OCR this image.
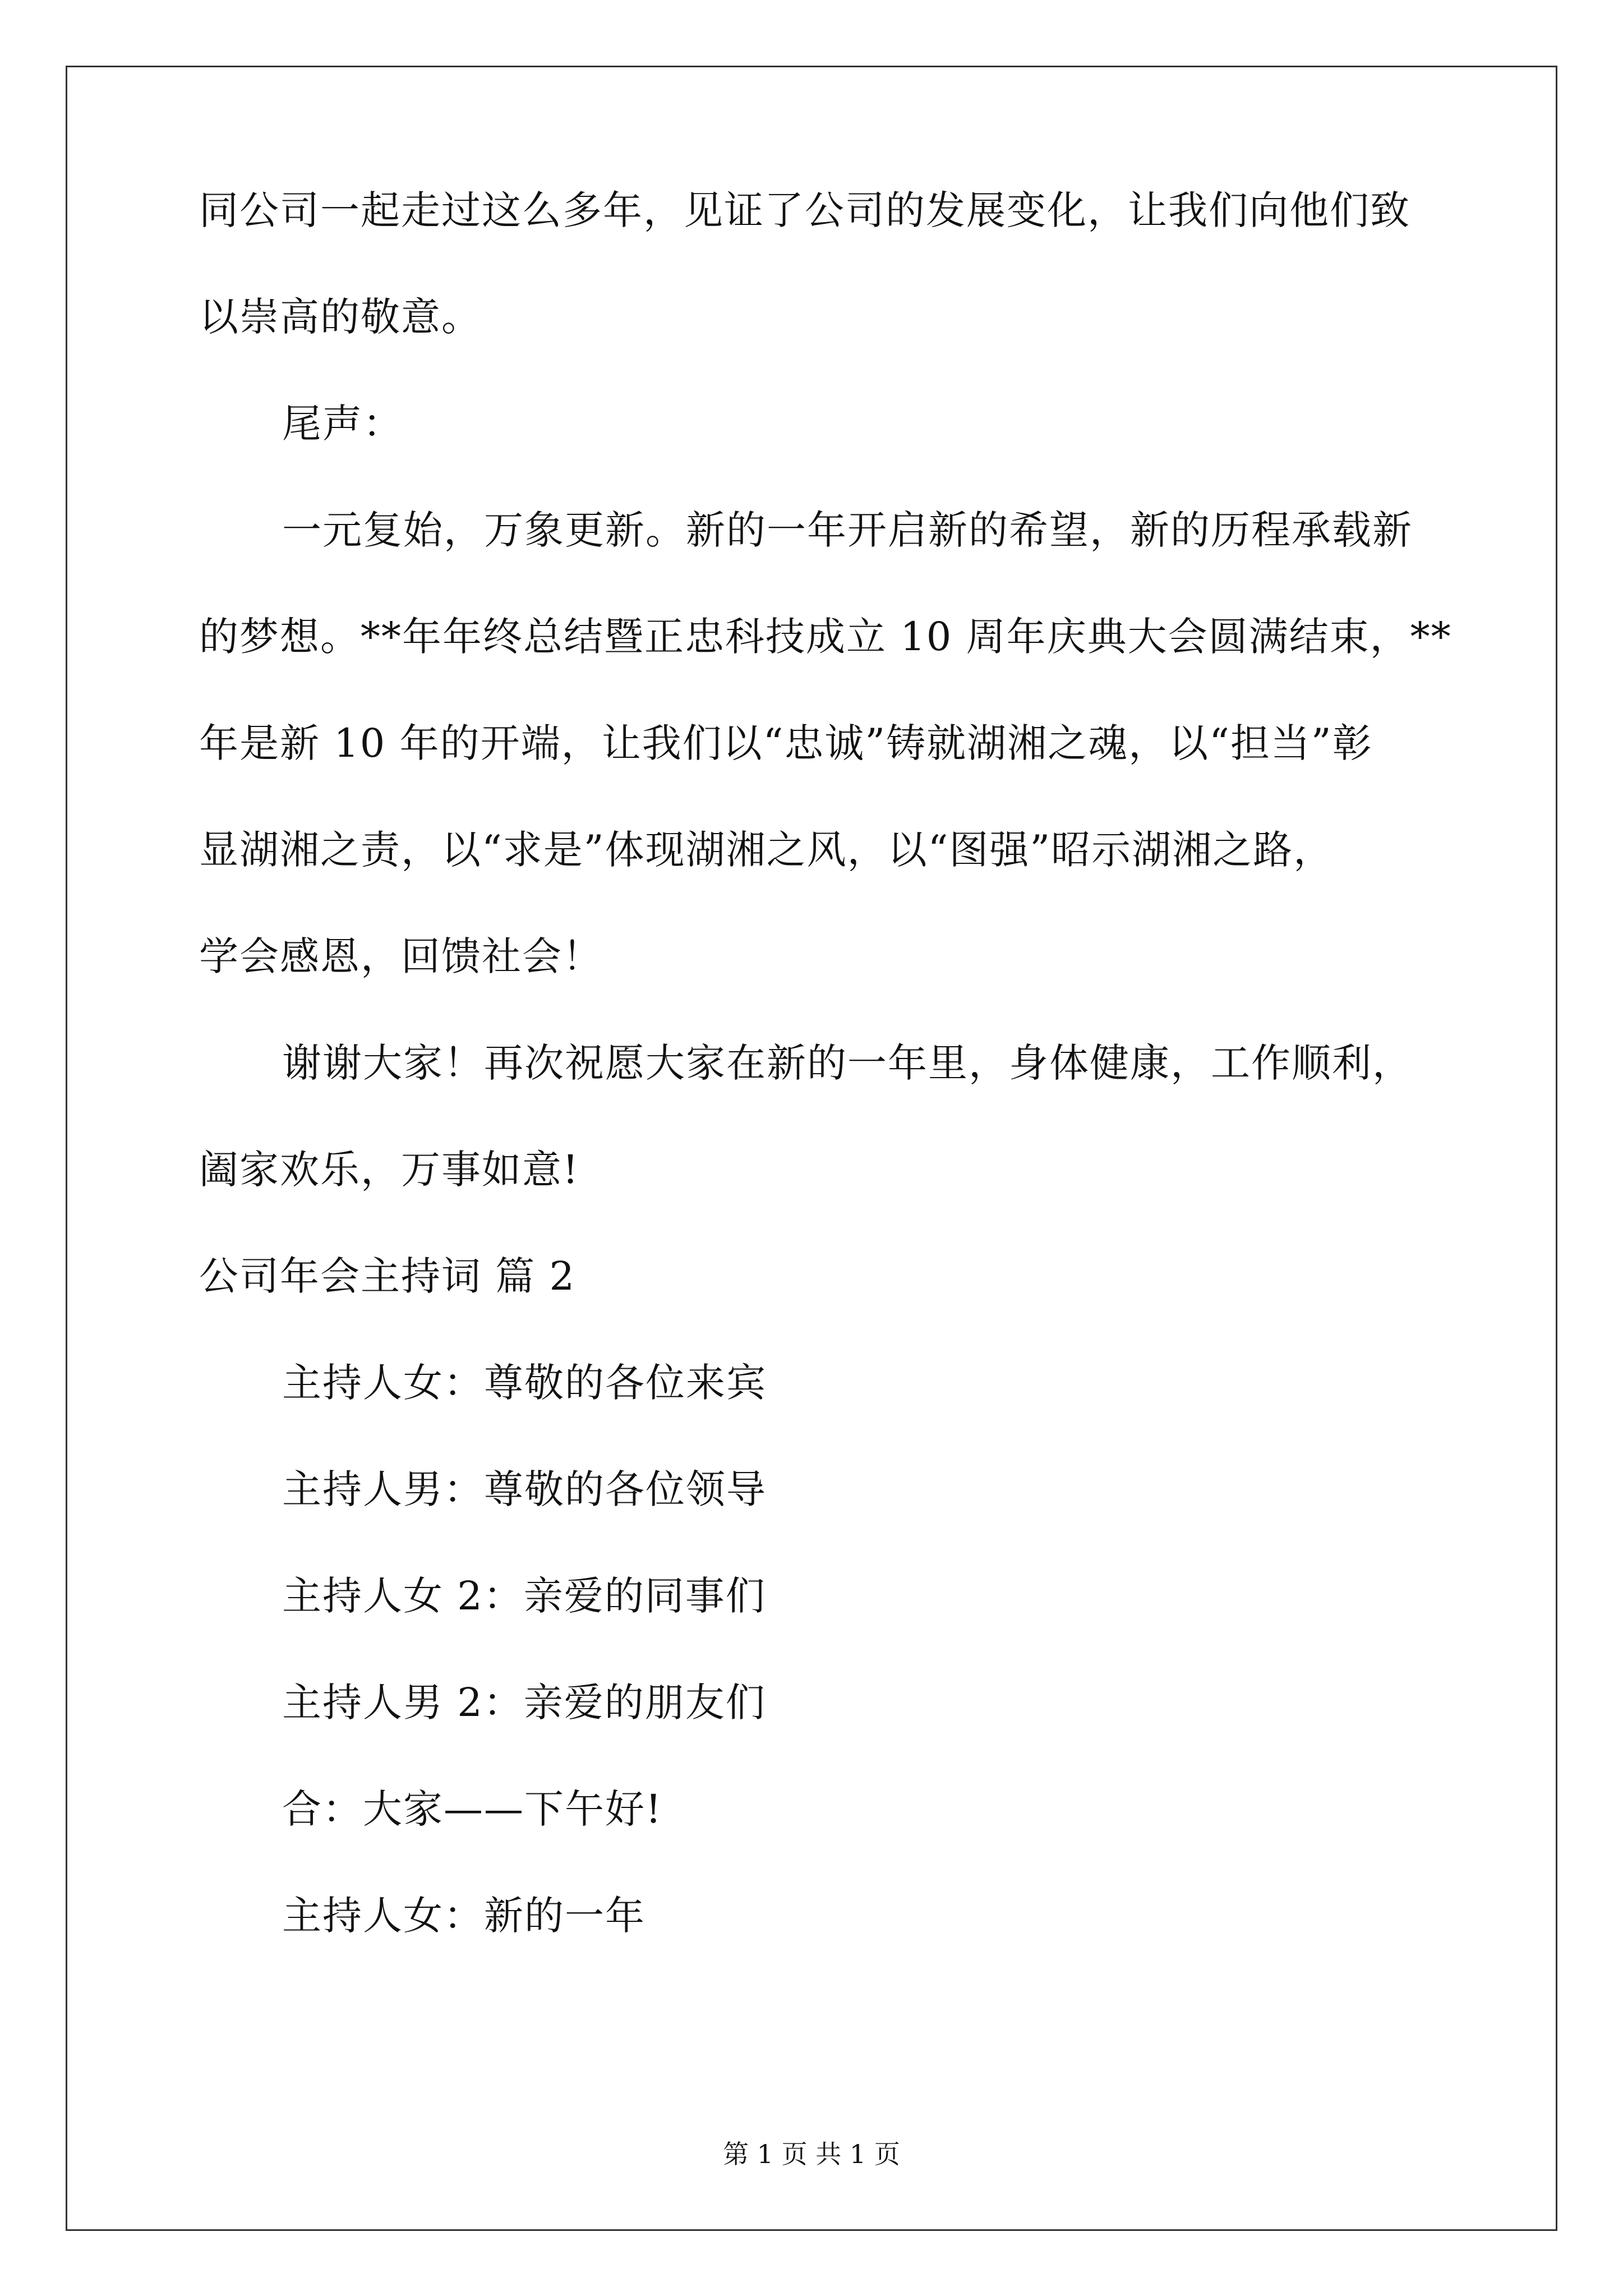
同公司一起走过这么多年，见证了公司的发展变化，让我们向他们致
以崇高的敬意。
尾声：
一元复始，万象更新。新的一年开启新的希望，新的历程承载新
的梦想。**年年终总结暨正忠科技成立 10 周年庆典大会圆满结束，**
年是新 10 年的开端，让我们以“忠诚”铸就湖湘之魂，以“担当”彰
显湖湘之责，以“求是”体现湖湘之风，以“图强”昭示湖湘之路，
学会感恩，回馈社会！
谢谢大家！再次祝愿大家在新的一年里，身体健康，工作顺利，
阖家欢乐，万事如意!
公司年会主持词 篇 2
主持人女：尊敬的各位来宾
主持人男：尊敬的各位领导
主持人女 2：亲爱的同事们
主持人男 2：亲爱的朋友们
合：大家——下午好!
主持人女：新的一年
第 1 页 共 1 页
